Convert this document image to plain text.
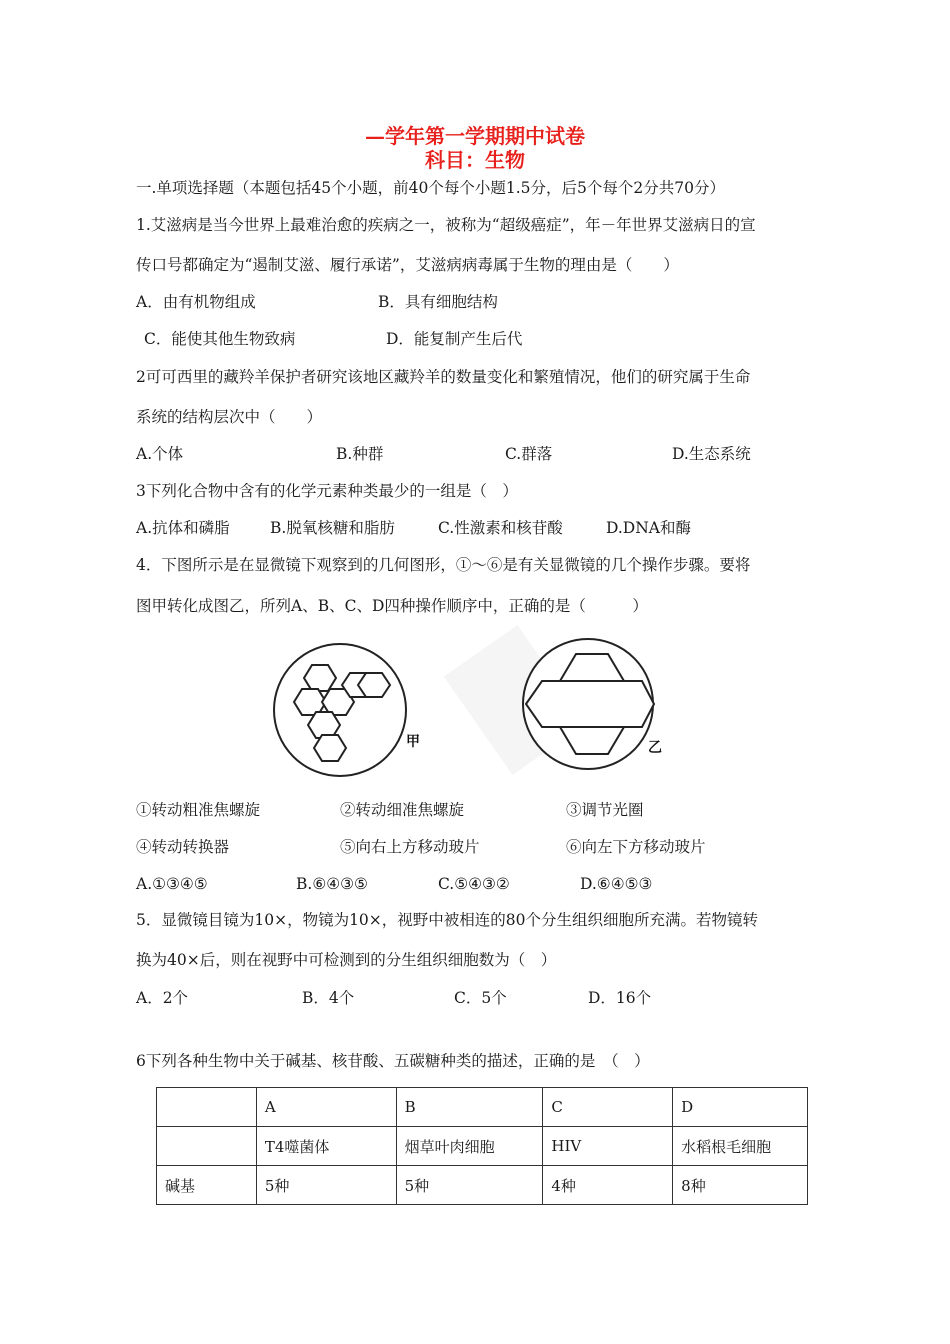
—学年第一学期期中试卷
科目：生物
一.单项选择题（本题包括45个小题，前40个每个小题1.5分，后5个每个2分共70分）
1.艾滋病是当今世界上最难治愈的疾病之一，被称为“超级癌症”，年－年世界艾滋病日的宣
传口号都确定为“遏制艾滋、履行承诺”，艾滋病病毒属于生物的理由是（　　）
A．由有机物组成	B．具有细胞结构
C．能使其他生物致病	D．能复制产生后代
2可可西里的藏羚羊保护者研究该地区藏羚羊的数量变化和繁殖情况，他们的研究属于生命
系统的结构层次中（　　）
A.个体	B.种群	C.群落	D.生态系统
3下列化合物中含有的化学元素种类最少的一组是（　）
A.抗体和磷脂	B.脱氧核糖和脂肪	C.性激素和核苷酸	D.DNA和酶
4．下图所示是在显微镜下观察到的几何图形，①～⑥是有关显微镜的几个操作步骤。要将
图甲转化成图乙，所列A、B、C、D四种操作顺序中，正确的是（　　　）
甲	乙
①转动粗准焦螺旋	②转动细准焦螺旋	③调节光圈
④转动转换器	⑤向右上方移动玻片	⑥向左下方移动玻片
A.①③④⑤	B.⑥④③⑤	C.⑤④③②	D.⑥④⑤③
5．显微镜目镜为10×，物镜为10×，视野中被相连的80个分生组织细胞所充满。若物镜转
换为40×后，则在视野中可检测到的分生组织细胞数为（　）
A．2个	B．4个	C．5个	D．16个
6下列各种生物中关于碱基、核苷酸、五碳糖种类的描述，正确的是　（　）
	A	B	C	D
	T4噬菌体	烟草叶肉细胞	HIV	水稻根毛细胞
碱基	5种	5种	4种	8种
